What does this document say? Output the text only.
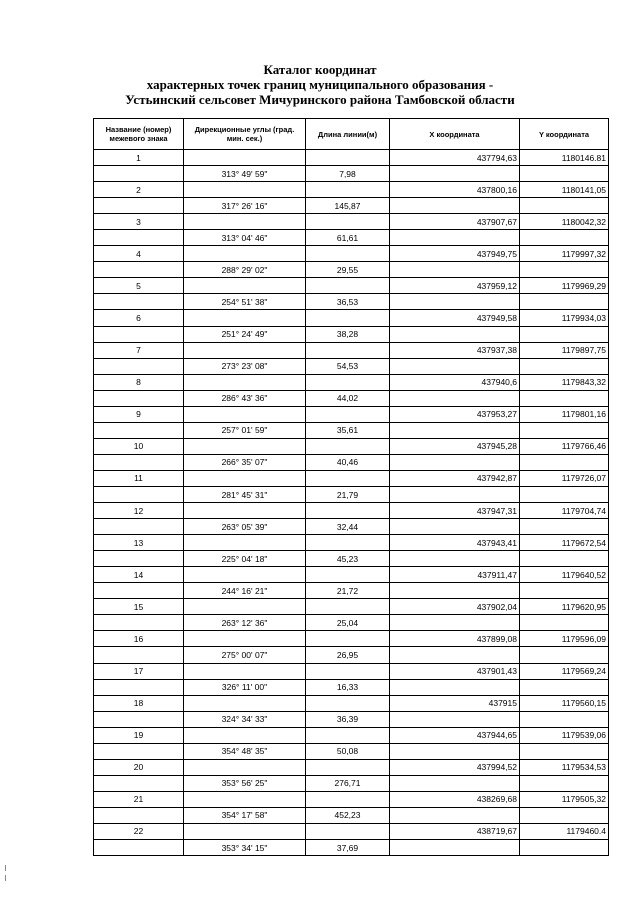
Каталог координат
характерных точек границ муниципального образования -
Устьинский сельсовет Мичуринского района Тамбовской области
Название (номер) межевого знака	Дирекционные углы (град. мин. сек.)	Длина линии(м)	X координата	Y координата
1			437794,63	1180146.81
	313° 49' 59"	7,98		
2			437800,16	1180141,05
	317° 26' 16"	145,87		
3			437907,67	1180042,32
	313° 04' 46"	61,61		
4			437949,75	1179997,32
	288° 29' 02"	29,55		
5			437959,12	1179969,29
	254° 51' 38"	36,53		
6			437949,58	1179934,03
	251° 24' 49"	38,28		
7			437937,38	1179897,75
	273° 23' 08"	54,53		
8			437940,6	1179843,32
	286° 43' 36"	44,02		
9			437953,27	1179801,16
	257° 01' 59"	35,61		
10			437945,28	1179766,46
	266° 35' 07"	40,46		
11			437942,87	1179726,07
	281° 45' 31"	21,79		
12			437947,31	1179704,74
	263° 05' 39"	32,44		
13			437943,41	1179672,54
	225° 04' 18"	45,23		
14			437911,47	1179640,52
	244° 16' 21"	21,72		
15			437902,04	1179620,95
	263° 12' 36"	25,04		
16			437899,08	1179596,09
	275° 00' 07"	26,95		
17			437901,43	1179569,24
	326° 11' 00"	16,33		
18			437915	1179560,15
	324° 34' 33"	36,39		
19			437944,65	1179539,06
	354° 48' 35"	50,08		
20			437994,52	1179534,53
	353° 56' 25"	276,71		
21			438269,68	1179505,32
	354° 17' 58"	452,23		
22			438719,67	1179460.4
	353° 34' 15"	37,69		
